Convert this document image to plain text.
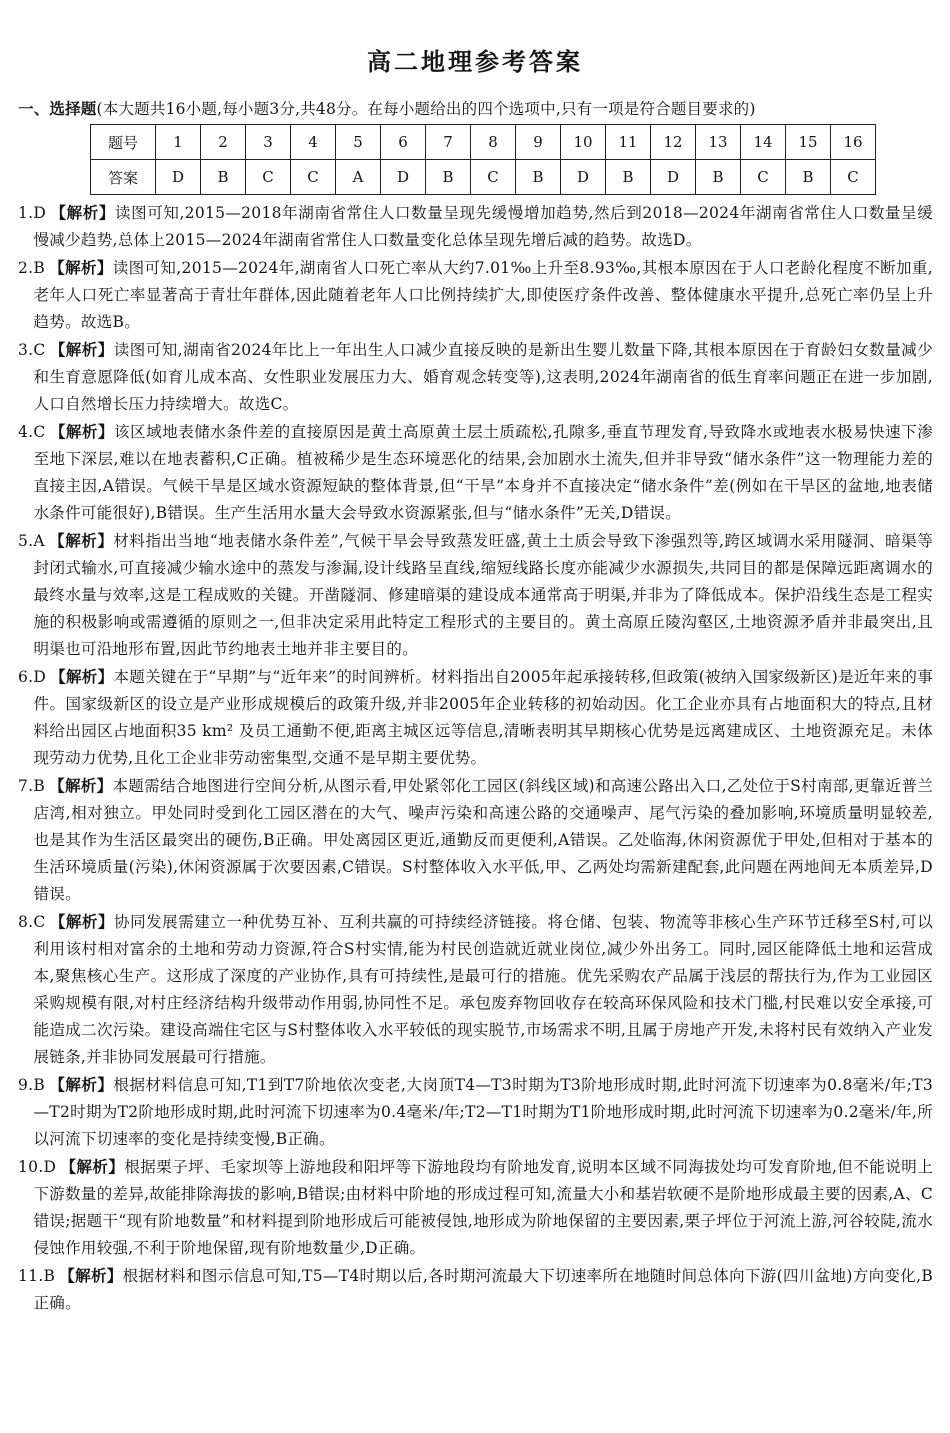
高二地理参考答案
一、选择题(本大题共16小题,每小题3分,共48分。在每小题给出的四个选项中,只有一项是符合题目要求的)
题号	1	2	3	4	5	6	7	8	9	10	11	12	13	14	15	16
答案	D	B	C	C	A	D	B	C	B	D	B	D	B	C	B	C

1.D 【解析】读图可知,2015—2018年湖南省常住人口数量呈现先缓慢增加趋势,然后到2018—2024年湖南省常住人口数量呈缓慢减少趋势,总体上2015—2024年湖南省常住人口数量变化总体呈现先增后减的趋势。故选D。

2.B 【解析】读图可知,2015—2024年,湖南省人口死亡率从大约7.01‰上升至8.93‰,其根本原因在于人口老龄化程度不断加重,老年人口死亡率显著高于青壮年群体,因此随着老年人口比例持续扩大,即使医疗条件改善、整体健康水平提升,总死亡率仍呈上升趋势。故选B。

3.C 【解析】读图可知,湖南省2024年比上一年出生人口减少直接反映的是新出生婴儿数量下降,其根本原因在于育龄妇女数量减少和生育意愿降低(如育儿成本高、女性职业发展压力大、婚育观念转变等),这表明,2024年湖南省的低生育率问题正在进一步加剧,人口自然增长压力持续增大。故选C。

4.C 【解析】该区域地表储水条件差的直接原因是黄土高原黄土层土质疏松,孔隙多,垂直节理发育,导致降水或地表水极易快速下渗至地下深层,难以在地表蓄积,C正确。植被稀少是生态环境恶化的结果,会加剧水土流失,但并非导致“储水条件”这一物理能力差的直接主因,A错误。气候干旱是区域水资源短缺的整体背景,但“干旱”本身并不直接决定“储水条件”差(例如在干旱区的盆地,地表储水条件可能很好),B错误。生产生活用水量大会导致水资源紧张,但与“储水条件”无关,D错误。

5.A 【解析】材料指出当地“地表储水条件差”,气候干旱会导致蒸发旺盛,黄土土质会导致下渗强烈等,跨区域调水采用隧洞、暗渠等封闭式输水,可直接减少输水途中的蒸发与渗漏,设计线路呈直线,缩短线路长度亦能减少水源损失,共同目的都是保障远距离调水的最终水量与效率,这是工程成败的关键。开凿隧洞、修建暗渠的建设成本通常高于明渠,并非为了降低成本。保护沿线生态是工程实施的积极影响或需遵循的原则之一,但非决定采用此特定工程形式的主要目的。黄土高原丘陵沟壑区,土地资源矛盾并非最突出,且明渠也可沿地形布置,因此节约地表土地并非主要目的。

6.D 【解析】本题关键在于“早期”与“近年来”的时间辨析。材料指出自2005年起承接转移,但政策(被纳入国家级新区)是近年来的事件。国家级新区的设立是产业形成规模后的政策升级,并非2005年企业转移的初始动因。化工企业亦具有占地面积大的特点,且材料给出园区占地面积35 km² 及员工通勤不便,距离主城区远等信息,清晰表明其早期核心优势是远离建成区、土地资源充足。未体现劳动力优势,且化工企业非劳动密集型,交通不是早期主要优势。

7.B 【解析】本题需结合地图进行空间分析,从图示看,甲处紧邻化工园区(斜线区域)和高速公路出入口,乙处位于S村南部,更靠近普兰店湾,相对独立。甲处同时受到化工园区潜在的大气、噪声污染和高速公路的交通噪声、尾气污染的叠加影响,环境质量明显较差,也是其作为生活区最突出的硬伤,B正确。甲处离园区更近,通勤反而更便利,A错误。乙处临海,休闲资源优于甲处,但相对于基本的生活环境质量(污染),休闲资源属于次要因素,C错误。S村整体收入水平低,甲、乙两处均需新建配套,此问题在两地间无本质差异,D错误。

8.C 【解析】协同发展需建立一种优势互补、互利共赢的可持续经济链接。将仓储、包装、物流等非核心生产环节迁移至S村,可以利用该村相对富余的土地和劳动力资源,符合S村实情,能为村民创造就近就业岗位,减少外出务工。同时,园区能降低土地和运营成本,聚焦核心生产。这形成了深度的产业协作,具有可持续性,是最可行的措施。优先采购农产品属于浅层的帮扶行为,作为工业园区采购规模有限,对村庄经济结构升级带动作用弱,协同性不足。承包废弃物回收存在较高环保风险和技术门槛,村民难以安全承接,可能造成二次污染。建设高端住宅区与S村整体收入水平较低的现实脱节,市场需求不明,且属于房地产开发,未将村民有效纳入产业发展链条,并非协同发展最可行措施。

9.B 【解析】根据材料信息可知,T1到T7阶地依次变老,大岗顶T4—T3时期为T3阶地形成时期,此时河流下切速率为0.8毫米/年;T3—T2时期为T2阶地形成时期,此时河流下切速率为0.4毫米/年;T2—T1时期为T1阶地形成时期,此时河流下切速率为0.2毫米/年,所以河流下切速率的变化是持续变慢,B正确。

10.D 【解析】根据栗子坪、毛家坝等上游地段和阳坪等下游地段均有阶地发育,说明本区域不同海拔处均可发育阶地,但不能说明上下游数量的差异,故能排除海拔的影响,B错误;由材料中阶地的形成过程可知,流量大小和基岩软硬不是阶地形成最主要的因素,A、C错误;据题干“现有阶地数量”和材料提到阶地形成后可能被侵蚀,地形成为阶地保留的主要因素,栗子坪位于河流上游,河谷较陡,流水侵蚀作用较强,不利于阶地保留,现有阶地数量少,D正确。

11.B 【解析】根据材料和图示信息可知,T5—T4时期以后,各时期河流最大下切速率所在地随时间总体向下游(四川盆地)方向变化,B正确。
